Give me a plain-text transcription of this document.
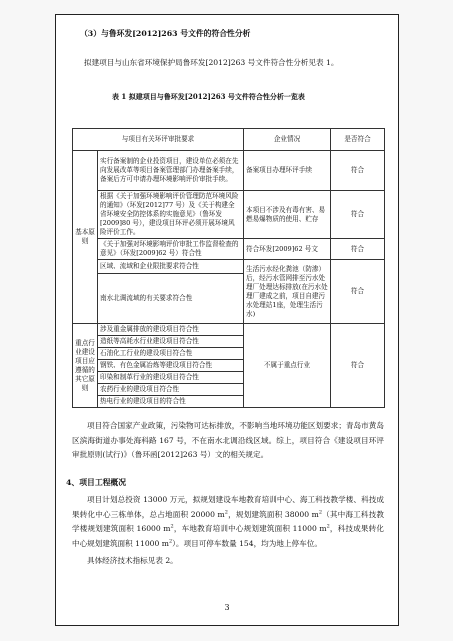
（3）与鲁环发[2012]263 号文件的符合性分析
拟建项目与山东省环境保护局鲁环发[2012]263 号文件符合性分析见表 1。
表 1 拟建项目与鲁环发[2012]263 号文件符合性分析一览表
与项目有关环评审批要求		企业情况	是否符合
基本原则	实行备案制的企业投资项目，建设单位必须在先向发展改革等项目备案管理部门办理备案手续，备案后方可申请办理环境影响评价审批手续。	备案项目办理环评手续	符合
	根据《关于加强环境影响评价管理防范环境风险的通知》（环发[2012]77 号）及《关于构建全省环境安全防控体系的实施意见》（鲁环发[2009]80 号），建设项目环评必须开展环境风险评价工作。	本项目不涉及有毒有害、易燃易爆物质的使用、贮存	符合
	《关于加强对环境影响评价审批工作监督检查的意见》（环发[2009]62 号）符合性	符合环发[2009]62 号文	符合
	区域、流域和企业限批要求符合性	生活污水经化粪池（防渗）后，经污水管网排至污水处理厂处理达标排放(在污水处理厂建成之前，项目自建污水处理站1座，处理生活污水)	符合
	南水北调流域的有关要求符合性		
重点行业建设项目应遵循的其它原则	涉及重金属排放的建设项目符合性	不属于重点行业	符合
	造纸等高耗水行业建设项目符合性		
	石油化工行业的建设项目符合性		
	钢铁、有色金属冶炼等建设项目符合性		
	印染和制革行业的建设项目符合性		
	农药行业的建设项目符合性		
	热电行业的建设项目的符合性		
项目符合国家产业政策，污染物可达标排放，不影响当地环境功能区划要求；青岛市黄岛区滨海街道办事处海科路 167 号，不在南水北调沿线区域。综上，项目符合《建设项目环评审批原则(试行)》（鲁环函[2012]263 号）文的相关规定。
4、项目工程概况
项目计划总投资 13000 万元，拟规划建设车地教育培训中心、海工科技教学楼、科技成果转化中心三栋单体，总占地面积 20000 $m^2$，规划建筑面积 38000 $m^2$（其中海工科技教学楼规划建筑面积 16000 $m^2$，车地教育培训中心规划建筑面积 11000 $m^2$，科技成果转化中心规划建筑面积 11000 $m^2$）。项目可停车数量 154，均为地上停车位。
具体经济技术指标见表 2。
3
